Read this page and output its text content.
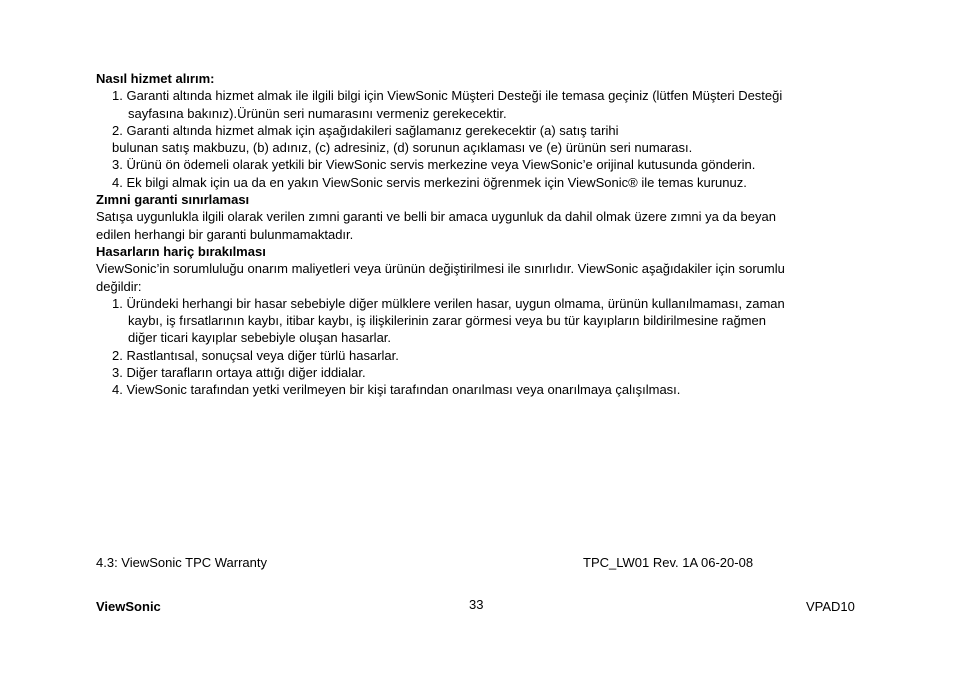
Nasıl hizmet alırım:
1. Garanti altında hizmet almak ile ilgili bilgi için ViewSonic Müşteri Desteği ile temasa geçiniz (lütfen Müşteri Desteği
sayfasına bakınız).Ürünün seri numarasını vermeniz gerekecektir.
2. Garanti altında hizmet almak için aşağıdakileri sağlamanız gerekecektir (a) satış tarihi
bulunan satış makbuzu, (b) adınız, (c) adresiniz, (d) sorunun açıklaması ve (e) ürünün seri numarası.
3. Ürünü ön ödemeli olarak yetkili bir ViewSonic servis merkezine veya ViewSonic’e orijinal kutusunda gönderin.
4. Ek bilgi almak için ua da en yakın ViewSonic servis merkezini öğrenmek için ViewSonic® ile temas kurunuz.
Zımni garanti sınırlaması
Satışa uygunlukla ilgili olarak verilen zımni garanti ve belli bir amaca uygunluk da dahil olmak üzere zımni ya da beyan
edilen herhangi bir garanti bulunmamaktadır.
Hasarların hariç bırakılması
ViewSonic’in sorumluluğu onarım maliyetleri veya ürünün değiştirilmesi ile sınırlıdır. ViewSonic aşağıdakiler için sorumlu
değildir:
1. Üründeki herhangi bir hasar sebebiyle diğer mülklere verilen hasar, uygun olmama, ürünün kullanılmaması, zaman
kaybı, iş fırsatlarının kaybı, itibar kaybı, iş ilişkilerinin zarar görmesi veya bu tür kayıpların bildirilmesine rağmen
diğer ticari kayıplar sebebiyle oluşan hasarlar.
2. Rastlantısal, sonuçsal veya diğer türlü hasarlar.
3. Diğer tarafların ortaya attığı diğer iddialar.
4. ViewSonic tarafından yetki verilmeyen bir kişi tarafından onarılması veya onarılmaya çalışılması.
4.3: ViewSonic TPC Warranty	TPC_LW01 Rev. 1A 06-20-08
ViewSonic	33	VPAD10
